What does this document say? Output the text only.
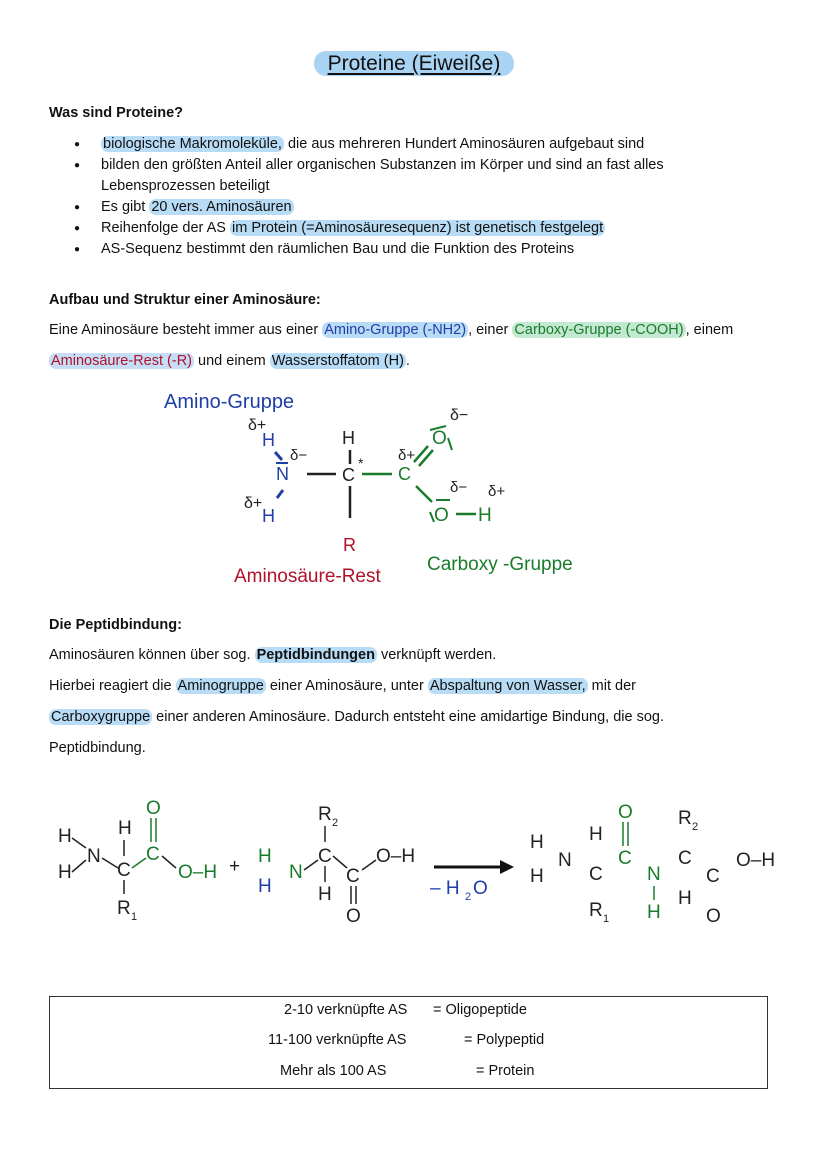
Proteine (Eiweiße)
Was sind Proteine?
● biologische Makromoleküle, die aus mehreren Hundert Aminosäuren aufgebaut sind
● bilden den größten Anteil aller organischen Substanzen im Körper und sind an fast alles
Lebensprozessen beteiligt
● Es gibt 20 vers. Aminosäuren
● Reihenfolge der AS im Protein (=Aminosäuresequenz) ist genetisch festgelegt
● AS-Sequenz bestimmt den räumlichen Bau und die Funktion des Proteins
Aufbau und Struktur einer Aminosäure:
Eine Aminosäure besteht immer aus einer Amino-Gruppe (-NH2) , einer Carboxy-Gruppe (-COOH) , einem
Aminosäure-Rest (-R) und einem Wasserstoffatom (H) .
Amino-Gruppe
δ+
δ−
δ+
δ+
δ−
δ− δ+
H
N
H
H
C
*
R
Aminosäure-Rest
C
O
O H
Carboxy -Gruppe
Die Peptidbindung:
Aminosäuren können über sog. Peptidbindungen verknüpft werden.
Hierbei reagiert die Aminogruppe einer Aminosäure, unter Abspaltung von Wasser, mit der
Carboxygruppe einer anderen Aminosäure. Dadurch entsteht eine amidartige Bindung, die sog.
Peptidbindung.
H
H
N
H
C
R 1
C
O
O–H +
R 2
H
H
N
C
H
C
O
O–H
– H 2 O
H
H
N
H
C
R 1
C
O
N
H
C
R 2
H
C
O
O–H
2-10 verknüpfte AS = Oligopeptide
11-100 verknüpfte AS	= Polypeptid
Mehr als 100 AS	= Protein
